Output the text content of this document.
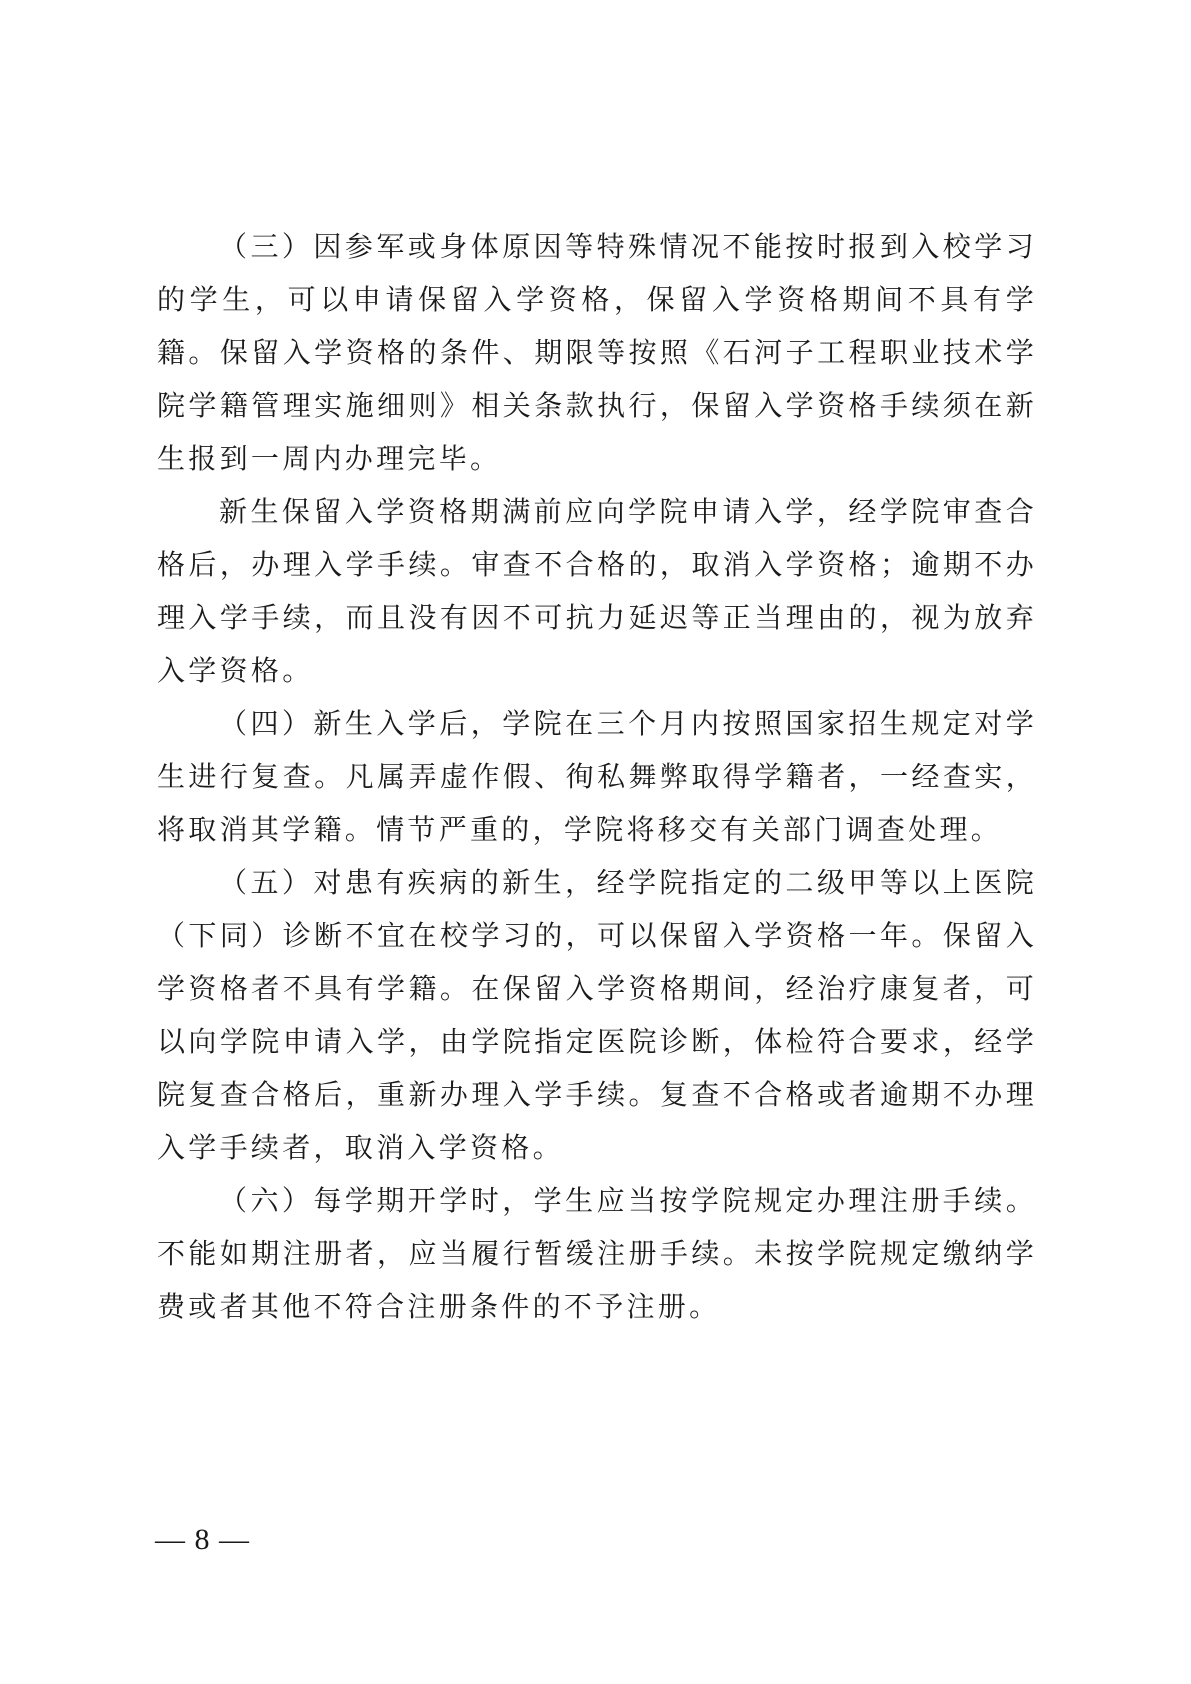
（三）因参军或身体原因等特殊情况不能按时报到入校学习的学生，可以申请保留入学资格，保留入学资格期间不具有学籍。保留入学资格的条件、期限等按照《石河子工程职业技术学院学籍管理实施细则》相关条款执行，保留入学资格手续须在新生报到一周内办理完毕。

新生保留入学资格期满前应向学院申请入学，经学院审查合格后，办理入学手续。审查不合格的，取消入学资格；逾期不办理入学手续，而且没有因不可抗力延迟等正当理由的，视为放弃入学资格。

（四）新生入学后，学院在三个月内按照国家招生规定对学生进行复查。凡属弄虚作假、徇私舞弊取得学籍者，一经查实，将取消其学籍。情节严重的，学院将移交有关部门调查处理。

（五）对患有疾病的新生，经学院指定的二级甲等以上医院（下同）诊断不宜在校学习的，可以保留入学资格一年。保留入学资格者不具有学籍。在保留入学资格期间，经治疗康复者，可以向学院申请入学，由学院指定医院诊断，体检符合要求，经学院复查合格后，重新办理入学手续。复查不合格或者逾期不办理入学手续者，取消入学资格。

（六）每学期开学时，学生应当按学院规定办理注册手续。不能如期注册者，应当履行暂缓注册手续。未按学院规定缴纳学费或者其他不符合注册条件的不予注册。

— 8 —
